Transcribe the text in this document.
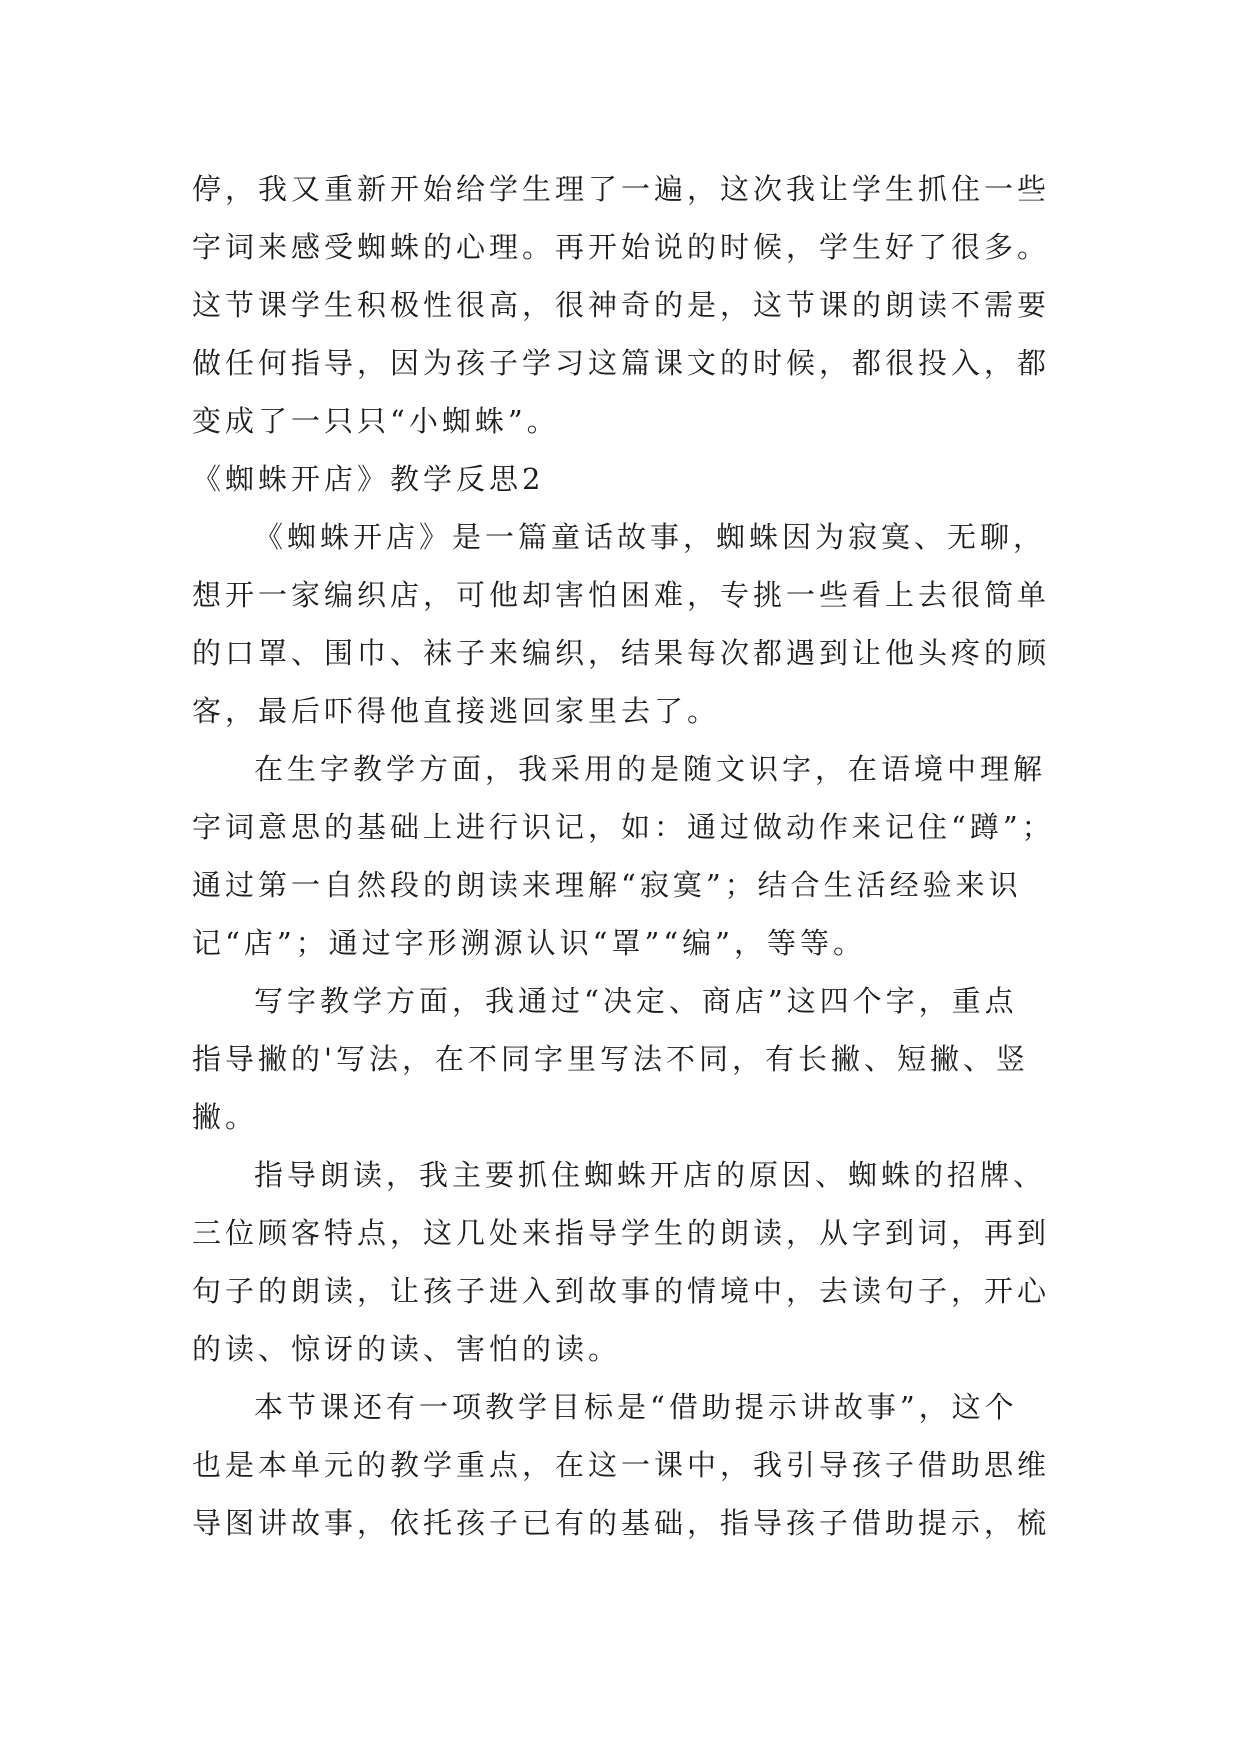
停，我又重新开始给学生理了一遍，这次我让学生抓住一些
字词来感受蜘蛛的心理。再开始说的时候，学生好了很多。
这节课学生积极性很高，很神奇的是，这节课的朗读不需要
做任何指导，因为孩子学习这篇课文的时候，都很投入，都
变成了一只只“小蜘蛛”。
《蜘蛛开店》教学反思2
《蜘蛛开店》是一篇童话故事，蜘蛛因为寂寞、无聊，
想开一家编织店，可他却害怕困难，专挑一些看上去很简单
的口罩、围巾、袜子来编织，结果每次都遇到让他头疼的顾
客，最后吓得他直接逃回家里去了。
在生字教学方面，我采用的是随文识字，在语境中理解
字词意思的基础上进行识记，如：通过做动作来记住“蹲”；
通过第一自然段的朗读来理解“寂寞”；结合生活经验来识
记“店”；通过字形溯源认识“罩”“编”，等等。
写字教学方面，我通过“决定、商店”这四个字，重点
指导撇的'写法，在不同字里写法不同，有长撇、短撇、竖
撇。
指导朗读，我主要抓住蜘蛛开店的原因、蜘蛛的招牌、
三位顾客特点，这几处来指导学生的朗读，从字到词，再到
句子的朗读，让孩子进入到故事的情境中，去读句子，开心
的读、惊讶的读、害怕的读。
本节课还有一项教学目标是“借助提示讲故事”，这个
也是本单元的教学重点，在这一课中，我引导孩子借助思维
导图讲故事，依托孩子已有的基础，指导孩子借助提示，梳
